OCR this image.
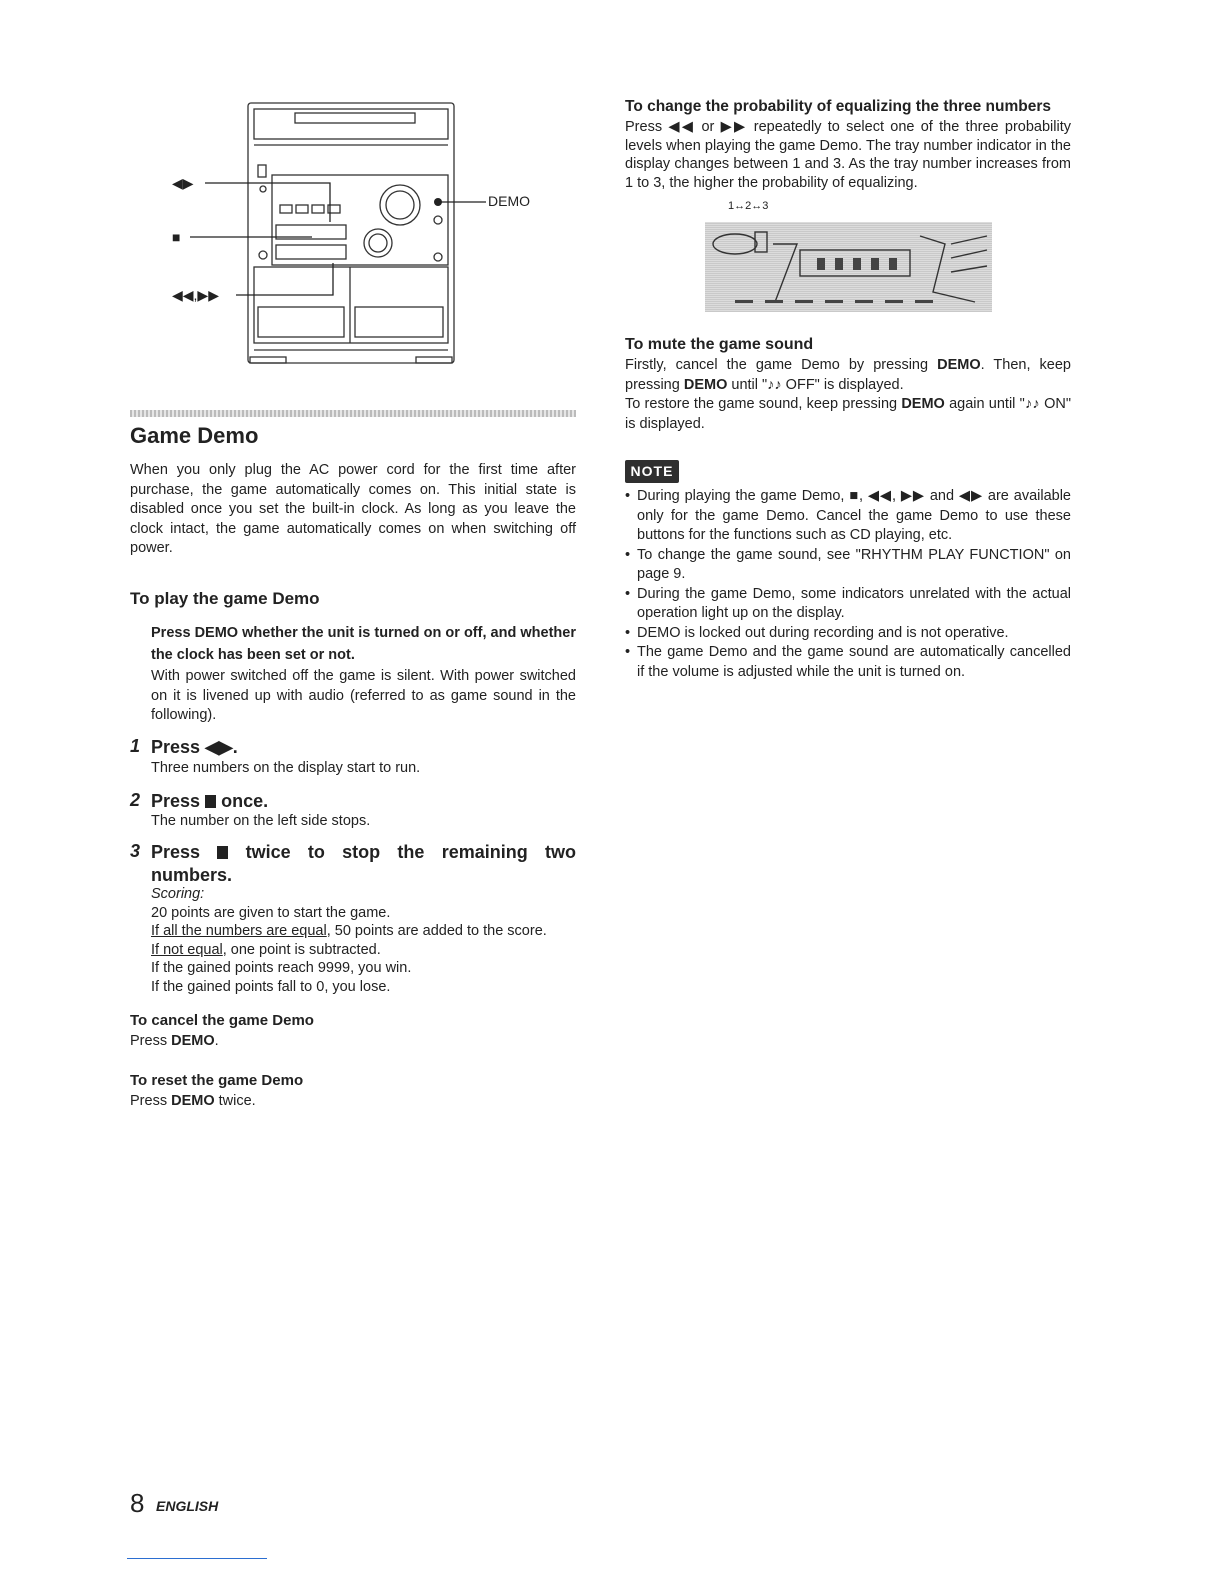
◀▶
■
◀◀,▶▶
DEMO
Game Demo

When you only plug the AC power cord for the first time after purchase, the game automatically comes on. This initial state is disabled once you set the built-in clock. As long as you leave the clock intact, the game automatically comes on when switching off power.

To play the game Demo

Press DEMO whether the unit is turned on or off, and whether the clock has been set or not.

With power switched off the game is silent. With power switched on it is livened up with audio (referred to as game sound in the following).

1 Press ◀▶.
Three numbers on the display start to run.
2 Press once.
The number on the left side stops.
3 Press	twice to stop the remaining two
numbers.
Scoring:
20 points are given to start the game.
If all the numbers are equal, 50 points are added to the score.
If not equal, one point is subtracted.
If the gained points reach 9999, you win.
If the gained points fall to 0, you lose.
To cancel the game Demo
Press DEMO.
To reset the game Demo
Press DEMO twice.
8 ENGLISH
To change the probability of equalizing the three numbers

Press ◀◀ or ▶▶ repeatedly to select one of the three probability levels when playing the game Demo. The tray number indicator in the display changes between 1 and 3. As the tray number increases from 1 to 3, the higher the probability of equalizing.

1↔2↔3
To mute the game sound

Firstly, cancel the game Demo by pressing DEMO. Then, keep pressing DEMO until "♪♪ OFF" is displayed.
To restore the game sound, keep pressing DEMO again until "♪♪ ON" is displayed.

NOTE
• During playing the game Demo, ■, ◀◀, ▶▶ and ◀▶ are available only for the game Demo. Cancel the game Demo to use these buttons for the functions such as CD playing, etc.
• To change the game sound, see "RHYTHM PLAY FUNCTION" on page 9.
• During the game Demo, some indicators unrelated with the actual operation light up on the display.
• DEMO is locked out during recording and is not operative.
• The game Demo and the game sound are automatically cancelled if the volume is adjusted while the unit is turned on.
